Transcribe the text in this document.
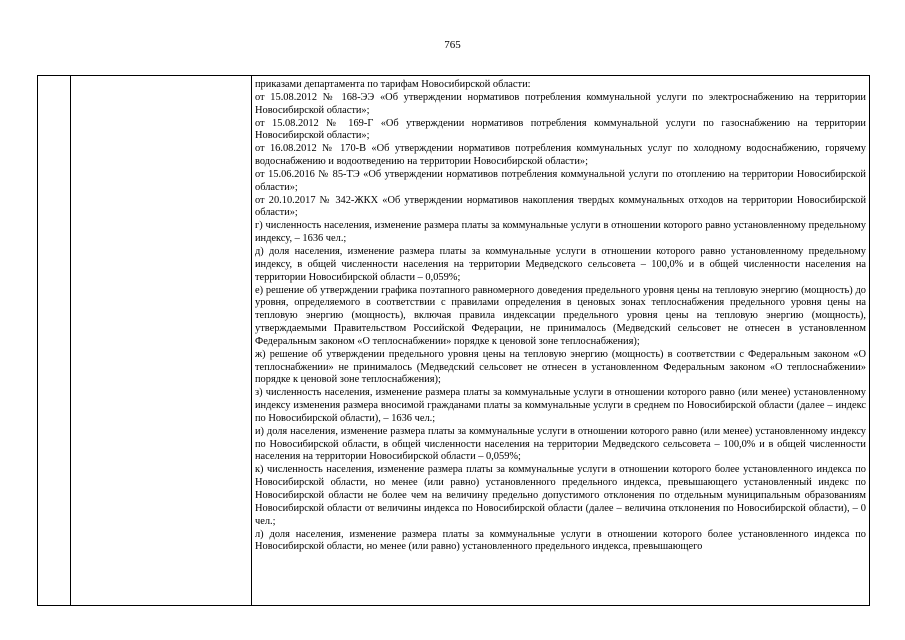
765

приказами департамента по тарифам Новосибирской области:

от 15.08.2012 № 168-ЭЭ «Об утверждении нормативов потребления коммунальной услуги по электроснабжению на территории Новосибирской области»;

от 15.08.2012 № 169-Г «Об утверждении нормативов потребления коммунальной услуги по газоснабжению на территории Новосибирской области»;

от 16.08.2012 № 170-В «Об утверждении нормативов потребления коммунальных услуг по холодному водоснабжению, горячему водоснабжению и водоотведению на территории Новосибирской области»;

от 15.06.2016 № 85-ТЭ «Об утверждении нормативов потребления коммунальной услуги по отоплению на территории Новосибирской области»;

от 20.10.2017 № 342-ЖКХ «Об утверждении нормативов накопления твердых коммунальных отходов на территории Новосибирской области»;

г) численность населения, изменение размера платы за коммунальные услуги в отношении которого равно установленному предельному индексу, – 1636 чел.;

д) доля населения, изменение размера платы за коммунальные услуги в отношении которого равно установленному предельному индексу, в общей численности населения на территории Медведского сельсовета – 100,0% и в общей численности населения на территории Новосибирской области – 0,059%;

е) решение об утверждении графика поэтапного равномерного доведения предельного уровня цены на тепловую энергию (мощность) до уровня, определяемого в соответствии с правилами определения в ценовых зонах теплоснабжения предельного уровня цены на тепловую энергию (мощность), включая правила индексации предельного уровня цены на тепловую энергию (мощность), утверждаемыми Правительством Российской Федерации, не принималось (Медведский сельсовет не отнесен в установленном Федеральным законом «О теплоснабжении» порядке к ценовой зоне теплоснабжения);

ж) решение об утверждении предельного уровня цены на тепловую энергию (мощность) в соответствии с Федеральным законом «О теплоснабжении» не принималось (Медведский сельсовет не отнесен в установленном Федеральным законом «О теплоснабжении» порядке к ценовой зоне теплоснабжения);

з) численность населения, изменение размера платы за коммунальные услуги в отношении которого равно (или менее) установленному индексу изменения размера вносимой гражданами платы за коммунальные услуги в среднем по Новосибирской области (далее – индекс по Новосибирской области), – 1636 чел.;

и) доля населения, изменение размера платы за коммунальные услуги в отношении которого равно (или менее) установленному индексу по Новосибирской области, в общей численности населения на территории Медведского сельсовета – 100,0% и в общей численности населения на территории Новосибирской области – 0,059%;

к) численность населения, изменение размера платы за коммунальные услуги в отношении которого более установленного индекса по Новосибирской области, но менее (или равно) установленного предельного индекса, превышающего установленный индекс по Новосибирской области не более чем на величину предельно допустимого отклонения по отдельным муниципальным образованиям Новосибирской области от величины индекса по Новосибирской области (далее – величина отклонения по Новосибирской области), – 0 чел.;

л) доля населения, изменение размера платы за коммунальные услуги в отношении которого более установленного индекса по Новосибирской области, но менее (или равно) установленного предельного индекса, превышающего
